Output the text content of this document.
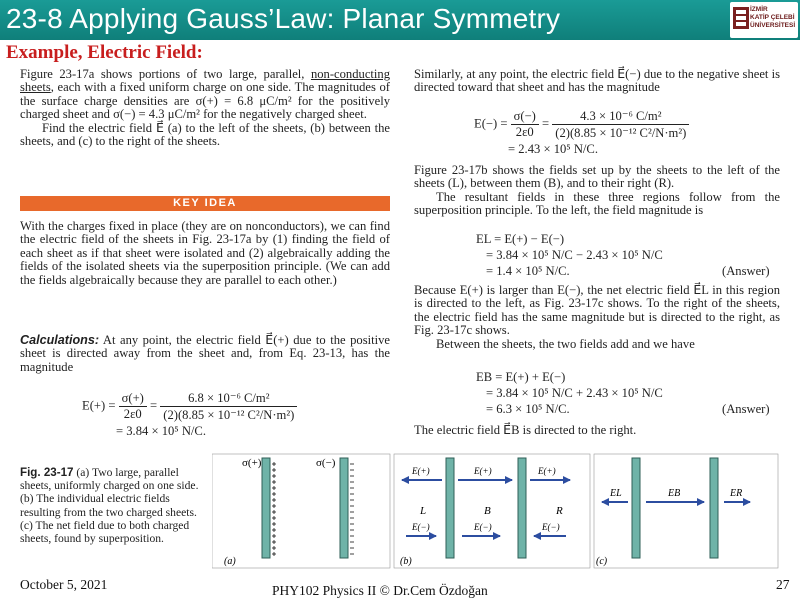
23-8 Applying Gauss’Law: Planar Symmetry	İZMİR
KATİP ÇELEBİ
ÜNİVERSİTESİ
Example, Electric Field:

Figure 23-17a shows portions of two large, parallel, non-conducting sheets, each with a fixed uniform charge on one side. The magnitudes of the surface charge densities are σ(+) = 6.8 μC/m² for the positively charged sheet and σ(−) = 4.3 μC/m² for the negatively charged sheet.

Find the electric field E⃗ (a) to the left of the sheets, (b) between the sheets, and (c) to the right of the sheets.

KEY IDEA
With the charges fixed in place (they are on nonconductors), we can find the electric field of the sheets in Fig. 23-17a by (1) finding the field of each sheet as if that sheet were isolated and (2) algebraically adding the fields of the isolated sheets via the superposition principle. (We can add the fields algebraically because they are parallel to each other.)

Calculations: At any point, the electric field E⃗(+) due to the positive sheet is directed away from the sheet and, from Eq. 23-13, has the magnitude

$E(+) = \frac{\sigma(+)}{2\varepsilon 0} = \frac{\text{6.8 × 10⁻⁶ C/m²}}{\text{(2)(8.85 × 10⁻¹² C²/N·m²)}}$
= 3.84 × 10⁵ N/C.
Similarly, at any point, the electric field E⃗(−) due to the negative sheet is directed toward that sheet and has the magnitude
$E(-) = \frac{\sigma(-)}{2\varepsilon 0} = \frac{\text{4.3 × 10⁻⁶ C/m²}}{\text{(2)(8.85 × 10⁻¹² C²/N·m²)}}$
= 2.43 × 10⁵ N/C.

Figure 23-17b shows the fields set up by the sheets to the left of the sheets (L), between them (B), and to their right (R).

The resultant fields in these three regions follow from the superposition principle. To the left, the field magnitude is

EL = E(+) − E(−)
= 3.84 × 10⁵ N/C − 2.43 × 10⁵ N/C
= 1.4 × 10⁵ N/C.	(Answer)

Because E(+) is larger than E(−), the net electric field E⃗L in this region is directed to the left, as Fig. 23-17c shows. To the right of the sheets, the electric field has the same magnitude but is directed to the right, as Fig. 23-17c shows.

Between the sheets, the two fields add and we have

EB = E(+) + E(−)
= 3.84 × 10⁵ N/C + 2.43 × 10⁵ N/C
= 6.3 × 10⁵ N/C.	(Answer)
The electric field E⃗B is directed to the right.
Fig. 23-17 (a) Two large, parallel sheets, uniformly charged on one side. (b) The individual electric fields resulting from the two charged sheets. (c) The net field due to both charged sheets, found by superposition.
σ(+)	σ(−)
(a)
E(+)	E(+)	E(+)
E(−)	E(−)	E(−)
L	B	R
(b)
EL	EB	ER
(c)
October 5, 2021	PHY102 Physics II © Dr.Cem Özdoğan	27
